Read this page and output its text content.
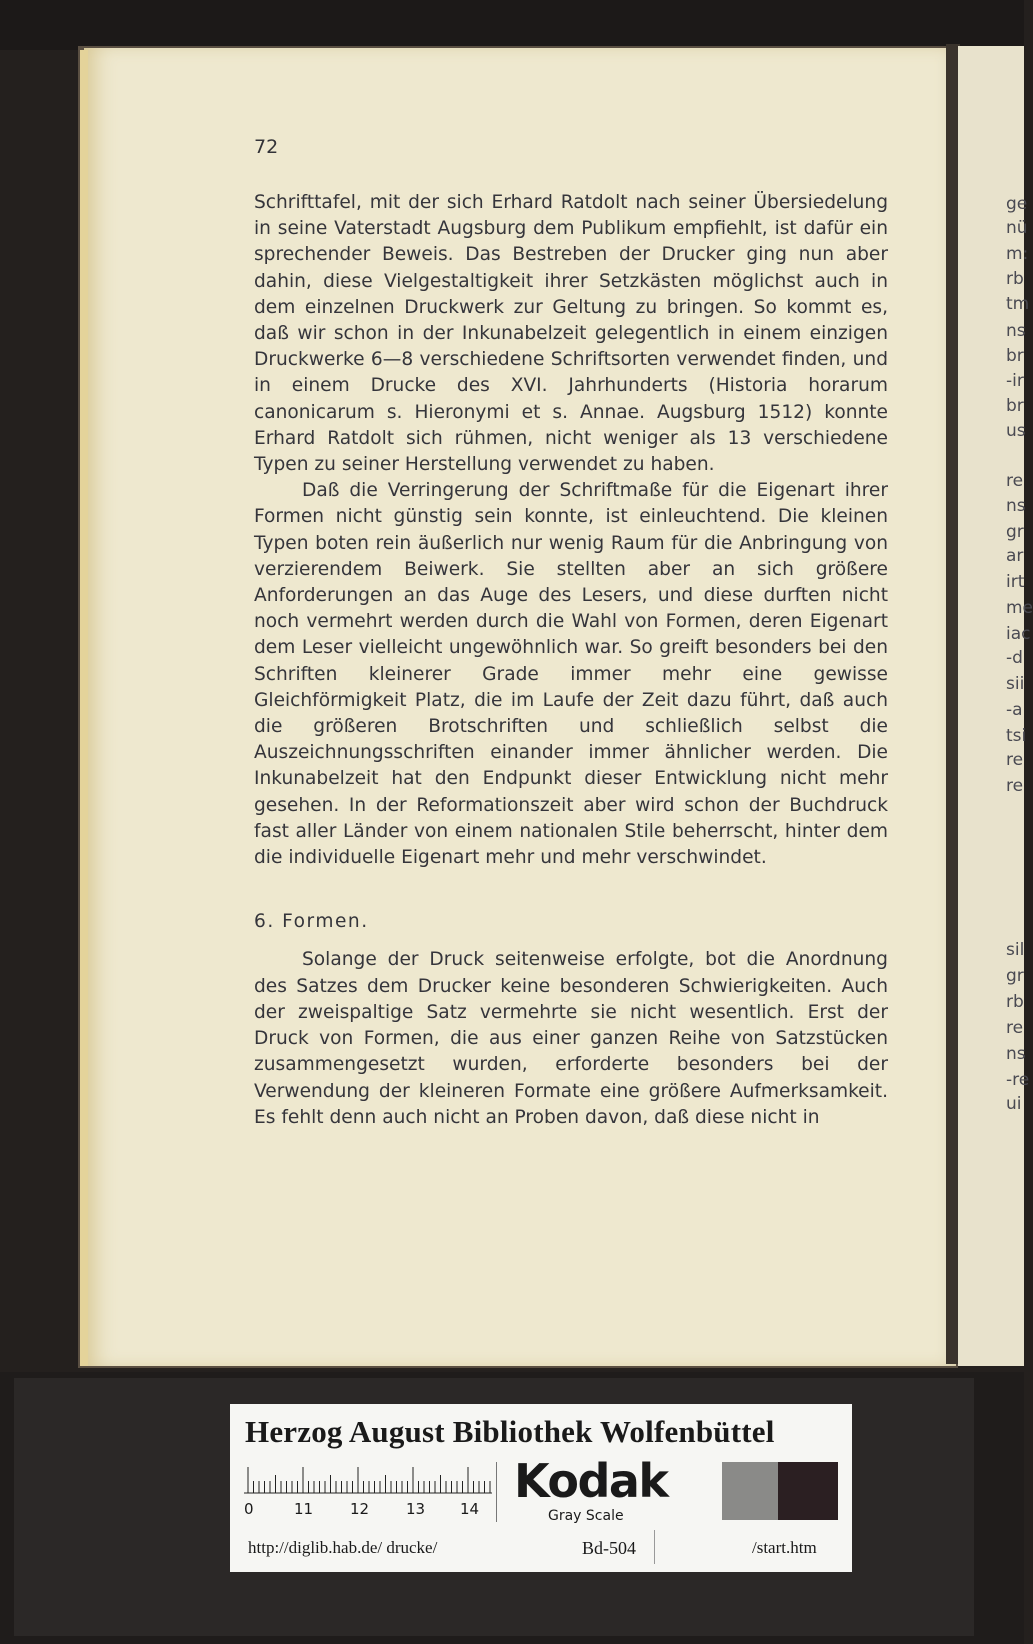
ge
nü
m:
rb
tm
ns
br
-ir
br
us
re
ns
gr
ar
irt
me
iac
-d
sii
-a
tsi
re
re
sil
gr
rb
re
ns
-re
ui
72

Schrifttafel, mit der sich Erhard Ratdolt nach seiner Übersiedelung in seine Vaterstadt Augsburg dem Publikum empfiehlt, ist dafür ein sprechender Beweis. Das Bestreben der Drucker ging nun aber dahin, diese Vielgestaltigkeit ihrer Setzkästen möglichst auch in dem einzelnen Druckwerk zur Geltung zu bringen. So kommt es, daß wir schon in der Inkunabelzeit gelegentlich in einem einzigen Druckwerke 6—8 verschiedene Schriftsorten verwendet finden, und in einem Drucke des XVI. Jahrhunderts (Historia horarum canonicarum s. Hieronymi et s. Annae. Augsburg 1512) konnte Erhard Ratdolt sich rühmen, nicht weniger als 13 verschiedene Typen zu seiner Herstellung verwendet zu haben.

Daß die Verringerung der Schriftmaße für die Eigenart ihrer Formen nicht günstig sein konnte, ist einleuchtend. Die kleinen Typen boten rein äußerlich nur wenig Raum für die Anbringung von verzierendem Beiwerk. Sie stellten aber an sich größere Anforderungen an das Auge des Lesers, und diese durften nicht noch vermehrt werden durch die Wahl von Formen, deren Eigenart dem Leser vielleicht ungewöhnlich war. So greift besonders bei den Schriften kleinerer Grade immer mehr eine gewisse Gleichförmigkeit Platz, die im Laufe der Zeit dazu führt, daß auch die größeren Brotschriften und schließlich selbst die Auszeichnungsschriften einander immer ähnlicher werden. Die Inkunabelzeit hat den Endpunkt dieser Entwicklung nicht mehr gesehen. In der Reformationszeit aber wird schon der Buchdruck fast aller Länder von einem nationalen Stile beherrscht, hinter dem die individuelle Eigenart mehr und mehr verschwindet.

6. Formen.

Solange der Druck seitenweise erfolgte, bot die Anordnung des Satzes dem Drucker keine besonderen Schwierigkeiten. Auch der zweispaltige Satz vermehrte sie nicht wesentlich. Erst der Druck von Formen, die aus einer ganzen Reihe von Satzstücken zusammengesetzt wurden, erforderte besonders bei der Verwendung der kleineren Formate eine größere Aufmerksamkeit. Es fehlt denn auch nicht an Proben davon, daß diese nicht in

Herzog August Bibliothek Wolfenbüttel
0	11 12 13 14
Kodak
Gray Scale
http://diglib.hab.de/ drucke/	Bd-504	/start.htm
